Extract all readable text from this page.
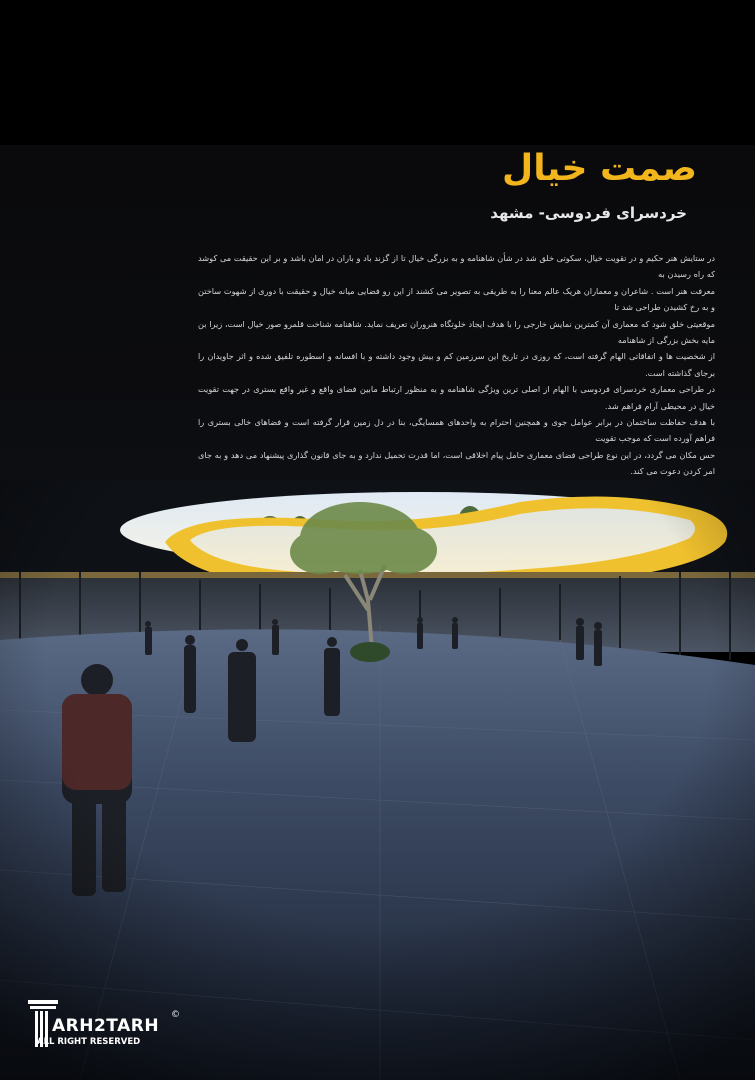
صمت خیال
خردسرای فردوسی- مشهد

در ستایش هنر حکیم و در تقویت خیال، سکوتی خلق شد در شأن شاهنامه و به بزرگی خیال تا از گزند باد و باران در امان باشد و بر این حقیقت می کوشد که راه رسیدن به

معرفت هنر است . شاعران و معماران هریک عالم معنا را به طریقی به تصویر می کشند از این رو فضایی میانه خیال و حقیقت با دوری از شهوت ساختن و به رخ کشیدن طراحی شد تا

موقعیتی خلق شود که معماری آن کمترین نمایش خارجی را با هدف ایجاد خلوتگاه هنروران تعریف نماید. شاهنامه شناخت قلمرو صور خیال است، زیرا بن مایه بخش بزرگی از شاهنامه

از شخصیت ها و اتفاقاتی الهام گرفته است، که روزی در تاریخ این سرزمین کم و بیش وجود داشته و با افسانه و اسطوره تلفیق شده و اثر جاویدان را برجای گذاشته است.

در طراحی معماری خردسرای فردوسی با الهام از اصلی ترین ویژگی شاهنامه و به منظور ارتباط مابین فضای واقع و غیر واقع بستری در جهت تقویت خیال در محیطی آرام فراهم شد.

با هدف حفاظت ساختمان در برابر عوامل جوی و همچنین احترام به واحدهای همسایگی، بنا در دل زمین قرار گرفته است و فضاهای خالی بستری را فراهم آورده است که موجب تقویت

حس مکان می گردد، در این نوع طراحی فضای معماری حامل پیام اخلاقی است، اما قدرت تحمیل ندارد و به جای قانون گذاری پیشنهاد می دهد و به جای امر کردن دعوت می کند.

ARH2TARH

©

ALL RIGHT RESERVED
